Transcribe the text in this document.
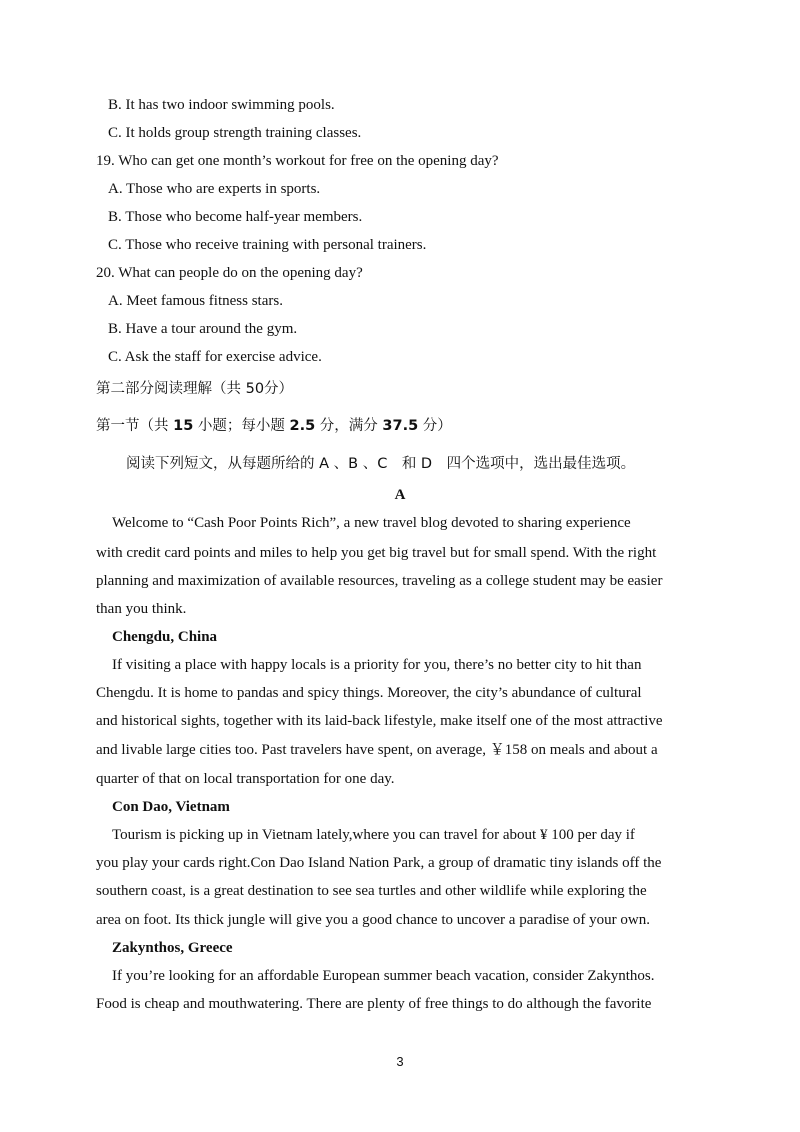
B. It has two indoor swimming pools.
C. It holds group strength training classes.
19. Who can get one month’s workout for free on the opening day?
A. Those who are experts in sports.
B. Those who become half-year members.
C. Those who receive training with personal trainers.
20. What can people do on the opening day?
A. Meet famous fitness stars.
B. Have a tour around the gym.
C. Ask the staff for exercise advice.
第二部分阅读理解（共 50分）
第一节（共 15 小题；每小题 2.5 分，满分 37.5 分）
阅读下列短文，从每题所给的 A 、B 、C　和 D　四个选项中，选出最佳选项。
A
Welcome to “Cash Poor Points Rich”, a new travel blog devoted to sharing experience
with credit card points and miles to help you get big travel but for small spend. With the right
planning and maximization of available resources, traveling as a college student may be easier
than you think.
Chengdu, China
If visiting a place with happy locals is a priority for you, there’s no better city to hit than
Chengdu. It is home to pandas and spicy things. Moreover, the city’s abundance of cultural
and historical sights, together with its laid-back lifestyle, make itself one of the most attractive
and livable large cities too. Past travelers have spent, on average, ￥158 on meals and about a
quarter of that on local transportation for one day.
Con Dao, Vietnam
Tourism is picking up in Vietnam lately,where you can travel for about ¥ 100 per day if
you play your cards right.Con Dao Island Nation Park, a group of dramatic tiny islands off the
southern coast, is a great destination to see sea turtles and other wildlife while exploring the
area on foot. Its thick jungle will give you a good chance to uncover a paradise of your own.
Zakynthos, Greece
If you’re looking for an affordable European summer beach vacation, consider Zakynthos.
Food is cheap and mouthwatering. There are plenty of free things to do although the favorite
3
